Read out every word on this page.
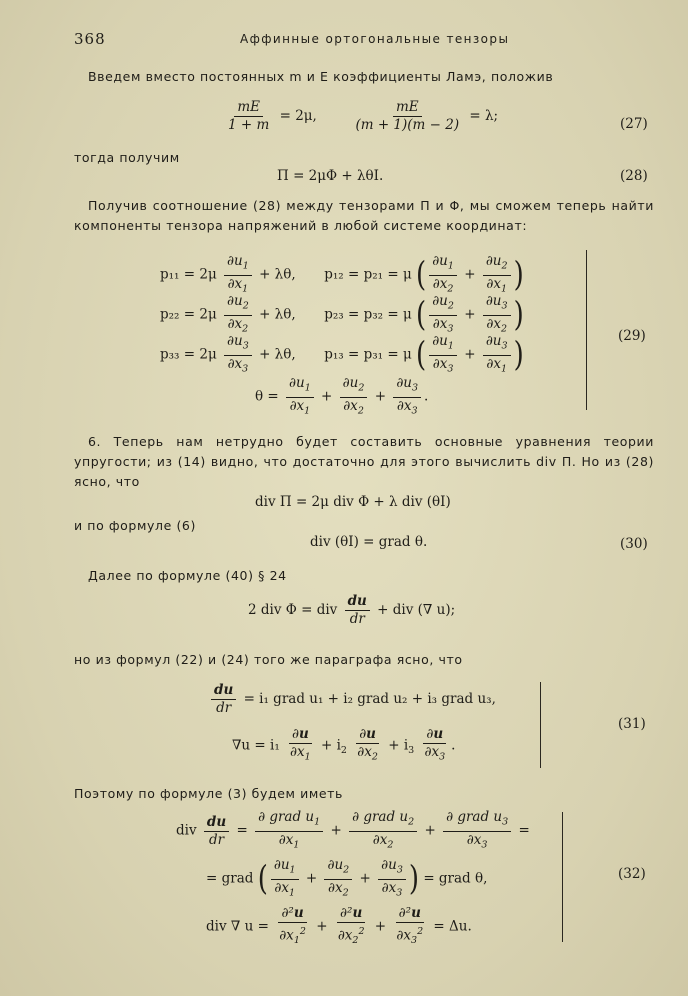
368	Аффинные ортогональные тензоры
Введем вместо постоянных m и E коэффициенты Ламэ, положив
$\frac{mE}{1 + m} = 2\mu$,	$\frac{mE}{(m + 1)(m - 2)} = \lambda$;	(27)
тогда получим
Π = 2μΦ + λθI.	(28)
Получив соотношение (28) между тензорами Π и Φ, мы сможем теперь найти компоненты тензора напряжений в любой системе координат:
$p_{11} = 2\mu \frac{\partial u_1}{\partial x_1} + \lambda\theta$, p₁₂ = p₂₁ = μ ( $\frac{\partial u_1}{\partial x_2} + \frac{\partial u_2}{\partial x_1}$ )
$p_{22} = 2\mu \frac{\partial u_2}{\partial x_2} + \lambda\theta$, p₂₃ = p₃₂ = μ ( $\frac{\partial u_2}{\partial x_3} + \frac{\partial u_3}{\partial x_2}$ )
$p_{33} = 2\mu \frac{\partial u_3}{\partial x_3} + \lambda\theta$, p₁₃ = p₃₁ = μ ( $\frac{\partial u_1}{\partial x_3} + \frac{\partial u_3}{\partial x_1}$ )
$\theta = \frac{\partial u_1}{\partial x_1} + \frac{\partial u_2}{\partial x_2} + \frac{\partial u_3}{\partial x_3}$ .
(29)
6. Теперь нам нетрудно будет составить основные уравнения теории упругости; из (14) видно, что достаточно для этого вычислить div Π. Но из (28) ясно, что
div Π = 2μ div Φ + λ div (θI)
и по формуле (6)
div (θI) = grad θ.	(30)
Далее по формуле (40) § 24
2 div Φ = div $\frac{du}{dr}$ + div (∇ u);
но из формул (22) и (24) того же параграфа ясно, что
$\frac{du}{dr} = i_1$ grad u₁ + i₂ grad u₂ + i₃ grad u₃,
$\nabla u = i_1 \frac{\partial u}{\partial x_1} + i_2 \frac{\partial u}{\partial x_2} + i_3 \frac{\partial u}{\partial x_3}$ .
(31)
Поэтому по формуле (3) будем иметь
div $\frac{du}{dr} = \frac{\partial grad u_1}{\partial x_1} + \frac{\partial grad u_2}{\partial x_2} + \frac{\partial grad u_3}{\partial x_3}$ =
= grad ( $\frac{\partial u_1}{\partial x_1} + \frac{\partial u_2}{\partial x_2} + \frac{\partial u_3}{\partial x_3}$ ) = grad θ,
div ∇ $u = \frac{\text{∂²u}}{\partial x_1^2} + \frac{\text{∂²u}}{\partial x_2^2} + \frac{\text{∂²u}}{\partial x_3^2} = \Delta u$.
(32)
